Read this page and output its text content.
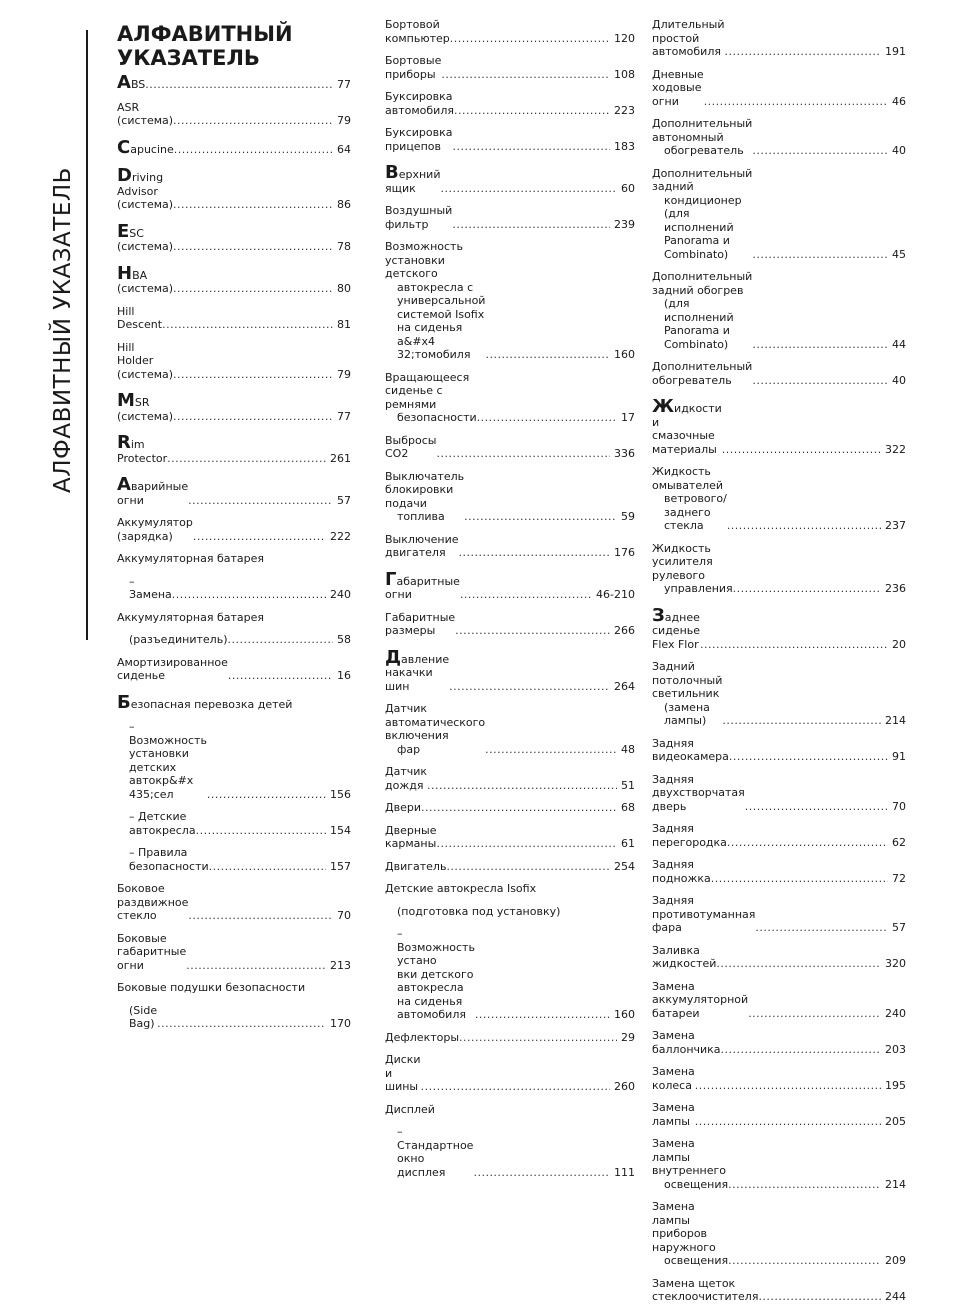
АЛФАВИТНЫЙ УКАЗАТЕЛЬ
АЛФАВИТНЫЙ
УКАЗАТЕЛЬ
ABS .....	77
ASR (система) .....	79
Capucine .....	64
Driving Advisor (система) .....	86
ESC (система) .....	78
HBA (система) .....	80
Hill Descent .....	81
Hill Holder (система) .....	79
MSR (система) .....	77
Rim Protector .....	261
Аварийные огни .....	57
Аккумулятор (зарядка) .....	222
Аккумуляторная батарея
– Замена .....	240
Аккумуляторная батарея
(разъединитель) .....	58
Амортизированное сиденье .....	16
Безопасная перевозка детей
– Возможность установки детских
автокр&#x
435;сел .....	156
– Детские автокресла .....	154
– Правила безопасности .....	157
Боковое раздвижное стекло .....	70
Боковые габаритные огни .....	213
Боковые подушки безопасности
(Side Bag) .....	170
Бортовой компьютер .....	120
Бортовые приборы .....	108
Буксировка автомобиля .....	223
Буксировка прицепов .....	183
Верхний ящик .....	60
Воздушный фильтр .....	239
Возможность установки детского
автокресла с универсальной
системой Isofix на сиденья a&#x4
32;томобиля .....	160
Вращающееся сиденье с ремнями
безопасности .....	17
Выбросы CO2 .....	336
Выключатель блокировки подачи
топлива .....	59
Выключение двигателя .....	176
Габаритные огни .....	46-210
Габаритные размеры .....	266
Давление накачки шин .....	264
Датчик автоматического включения
фар .....	48
Датчик дождя .....	51
Двери .....	68
Дверные карманы .....	61
Двигатель .....	254
Детские автокресла Isofix
(подготовка под установку)
– Возможность устано
вки детского автокресла на сиденья
автомобиля .....	160
Дефлекторы .....	29
Диски и шины .....	260
Дисплей
– Стандартное окно дисплея .....	111
Длительный простой автомобиля .....	191
Дневные ходовые огни .....	46
Дополнительный автономный
обогреватель .....	40
Дополнительный задний
кондиционер (для исполнений
Panorama и Combinato) .....	45
Дополнительный задний обогрев
(для исполнений Panorama и
Combinato) .....	44
Дополнительный обогреватель .....	40
Жидкости и смазочные материалы .....	322
Жидкость омывателей
ветрового/заднего стекла .....	237
Жидкость усилителя рулевого
управления .....	236
Заднее сиденье Flex Flor .....	20
Задний потолочный светильник
(замена лампы) .....	214
Задняя видеокамера .....	91
Задняя двухстворчатая дверь .....	70
Задняя перегородка .....	62
Задняя подножка .....	72
Задняя противотуманная фара .....	57
Заливка жидкостей .....	320
Замена аккумуляторной батареи .....	240
Замена баллончика .....	203
Замена колеса .....	195
Замена лампы .....	205
Замена лампы внутреннего
освещения .....	214
Замена лампы приборов наружного
освещения .....	209
Замена щеток стеклоочистителя .....	244
